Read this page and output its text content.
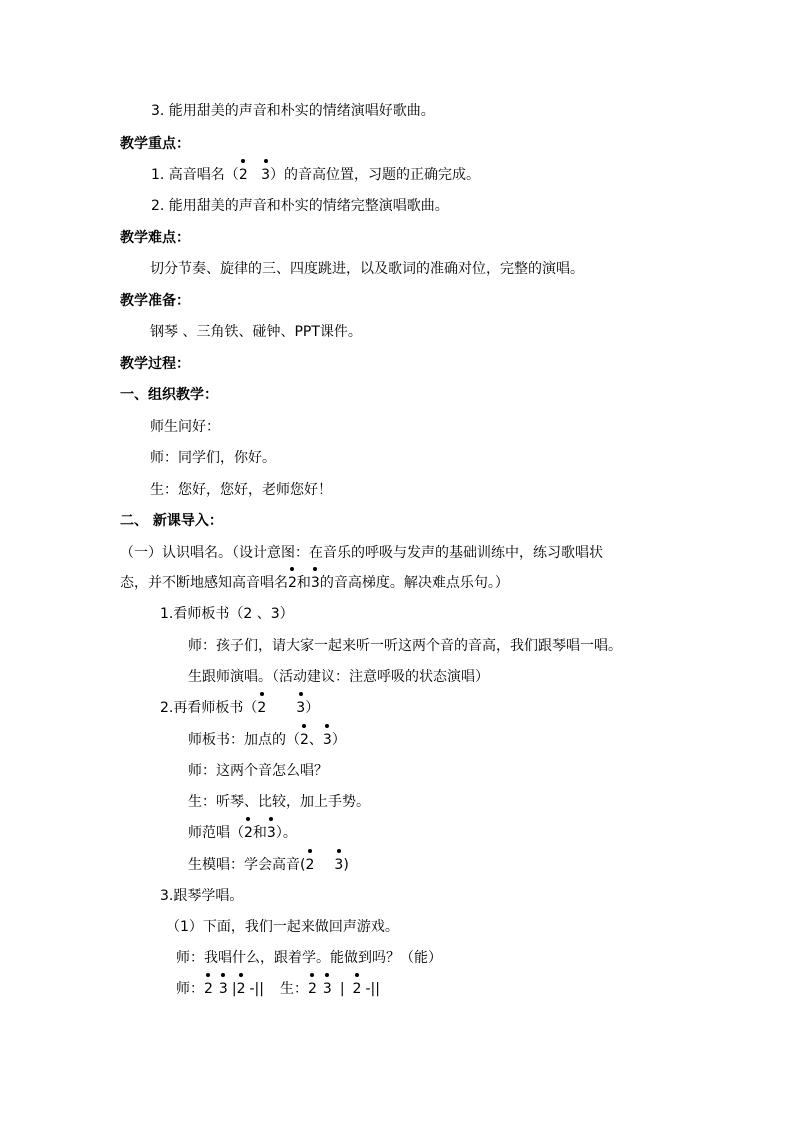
3. 能用甜美的声音和朴实的情绪演唱好歌曲。
教学重点：
1. 高音唱名（2 3
）的音高位置，习题的正确完成。
2. 能用甜美的声音和朴实的情绪完整演唱歌曲。
教学难点：
切分节奏、旋律的三、四度跳进，以及歌词的准确对位，完整的演唱。
教学准备：
钢琴 、三角铁、碰钟、PPT课件。
教学过程：
一、组织教学：
师生问好：
师：同学们，你好。
生：您好，您好，老师您好！
二、 新课导入：
（一）认识唱名。（设计意图：在音乐的呼吸与发声的基础训练中，练习歌唱状
态，并不断地感知高音唱名2
和3
的音高梯度。解决难点乐句。）
1.看师板书（2 、3）
师：孩子们，请大家一起来听一听这两个音的音高，我们跟琴唱一唱。
生跟师演唱。（活动建议：注意呼吸的状态演唱）
2.再看师板书（2 3
）
师板书：加点的（2
、3
）
师：这两个音怎么唱？
生：听琴、比较，加上手势。
师范唱（2
和3
）。
生模唱：学会高音(2 3
)
3.跟琴学唱。
（1）下面，我们一起来做回声游戏。
师：我唱什么，跟着学。能做到吗？（能）
师：2 3 |2 -|| 生：2 3 | 2 -||
